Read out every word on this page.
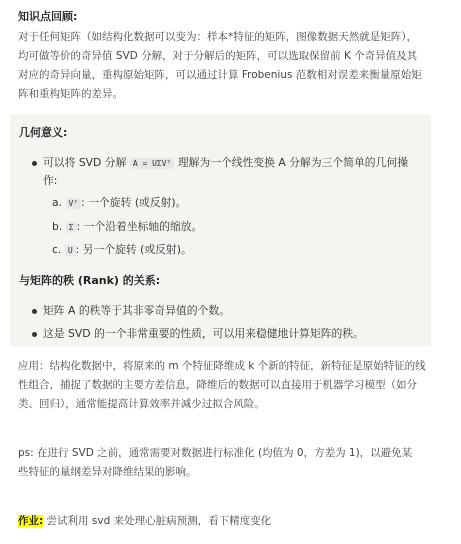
知识点回顾:
对于任何矩阵（如结构化数据可以变为：样本*特征的矩阵，图像数据天然就是矩阵），
均可做等价的奇异值 SVD 分解，对于分解后的矩阵，可以选取保留前 K 个奇异值及其
对应的奇异向量，重构原始矩阵，可以通过计算 Frobenius 范数相对误差来衡量原始矩
阵和重构矩阵的差异。
几何意义:
可以将 SVD 分解 A = UΣVᵀ 理解为一个线性变换 A 分解为三个简单的几何操
作:
a. Vᵀ : 一个旋转 (或反射)。
b. Σ : 一个沿着坐标轴的缩放。
c. U : 另一个旋转 (或反射)。
与矩阵的秩 (Rank) 的关系:
矩阵 A 的秩等于其非零奇异值的个数。
这是 SVD 的一个非常重要的性质，可以用来稳健地计算矩阵的秩。
应用：结构化数据中，将原来的 m 个特征降维成 k 个新的特征，新特征是原始特征的线
性组合，捕捉了数据的主要方差信息，降维后的数据可以直接用于机器学习模型（如分
类、回归），通常能提高计算效率并减少过拟合风险。
ps: 在进行 SVD 之前，通常需要对数据进行标准化 (均值为 0，方差为 1)，以避免某
些特征的量纲差异对降维结果的影响。
作业: 尝试利用 svd 来处理心脏病预测，看下精度变化
